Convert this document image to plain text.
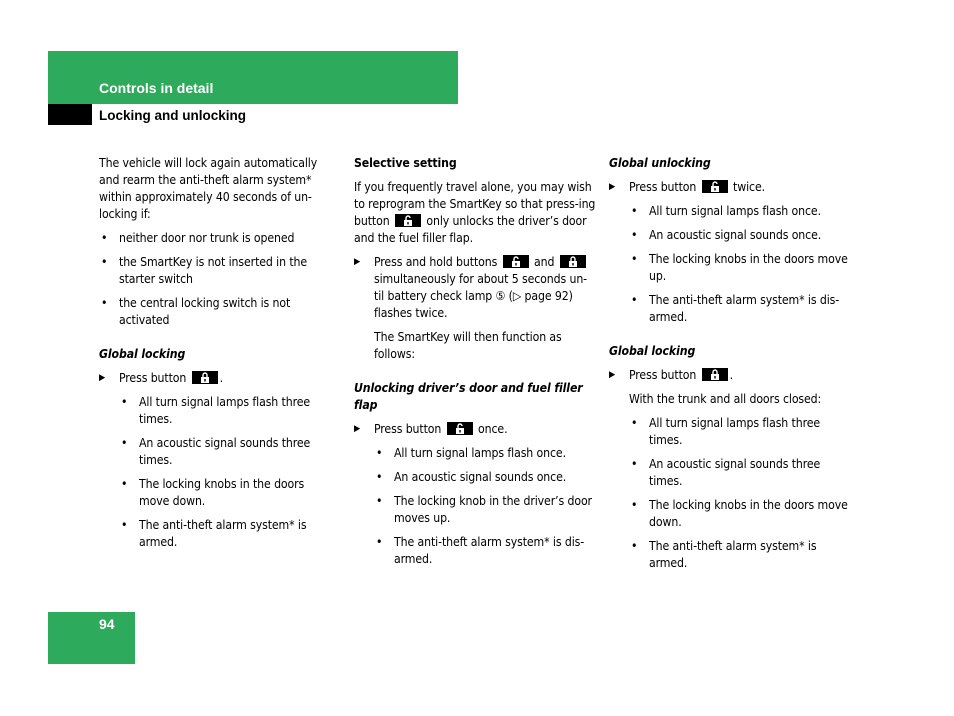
Controls in detail
Locking and unlocking

The vehicle will lock again automatically and rearm the anti-theft alarm system* within approximately 40 seconds of un-locking if:

• neither door nor trunk is opened
• the SmartKey is not inserted in the starter switch
• the central locking switch is not activated

Global locking

▶ Press button	.
• All turn signal lamps flash three times.
• An acoustic signal sounds three times.
• The locking knobs in the doors move down.
• The anti-theft alarm system* is armed.

Selective setting

If you frequently travel alone, you may wish to reprogram the SmartKey so that press-ing button	only unlocks the driver’s door and the fuel filler flap.

▶ Press and hold buttons	and
simultaneously for about 5 seconds un-til battery check lamp ⑤ (▷ page 92) flashes twice.

The SmartKey will then function as follows:

Unlocking driver’s door and fuel filler flap

▶ Press button	once.
• All turn signal lamps flash once.
• An acoustic signal sounds once.
• The locking knob in the driver’s door moves up.
• The anti-theft alarm system* is dis-armed.

Global unlocking

▶ Press button	twice.
• All turn signal lamps flash once.
• An acoustic signal sounds once.
• The locking knobs in the doors move up.
• The anti-theft alarm system* is dis-armed.

Global locking

▶ Press button	.

With the trunk and all doors closed:

• All turn signal lamps flash three times.
• An acoustic signal sounds three times.
• The locking knobs in the doors move down.
• The anti-theft alarm system* is armed.
94
